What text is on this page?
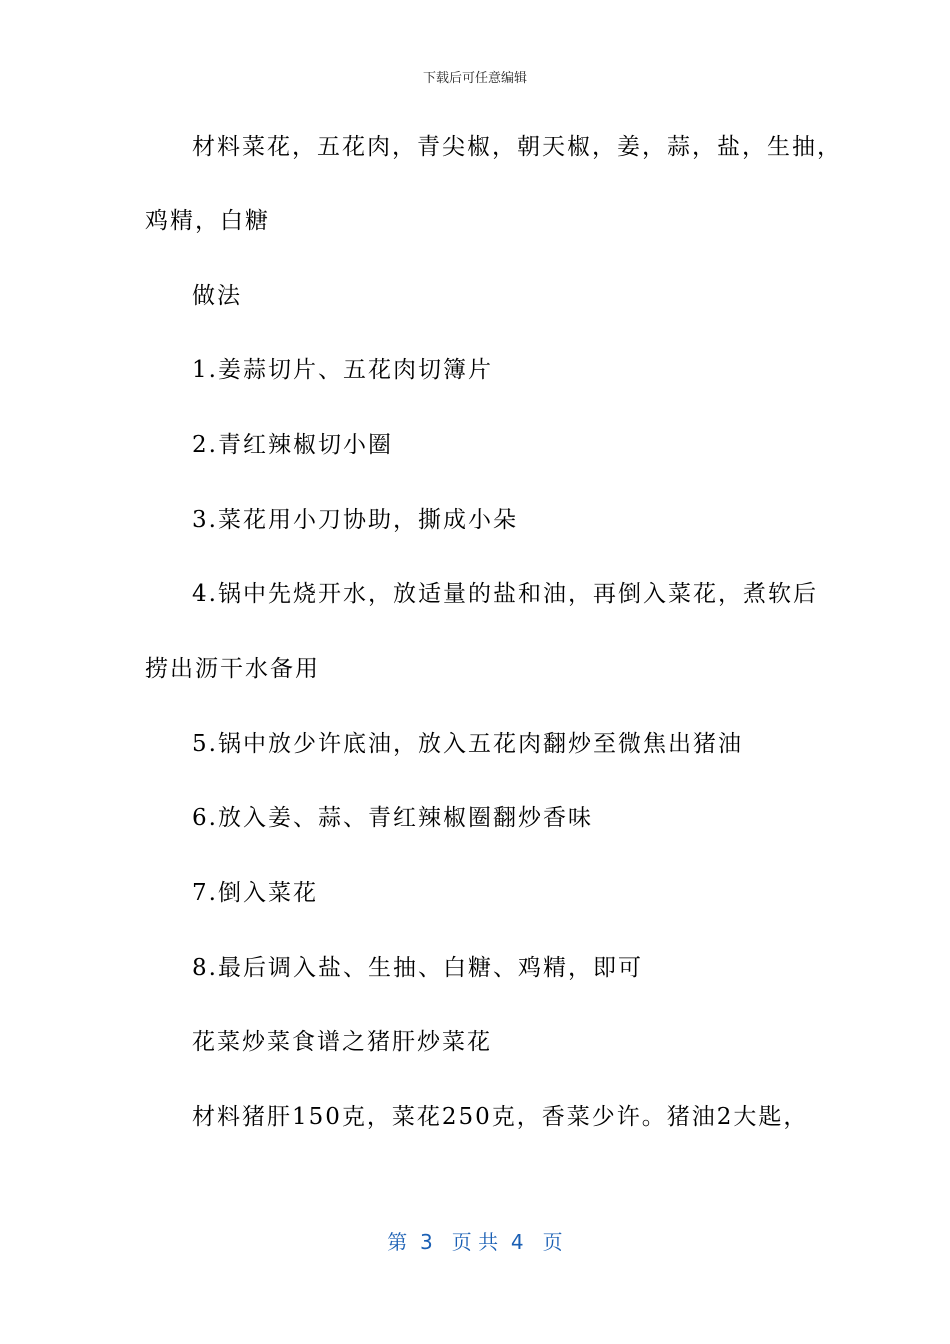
下载后可任意编辑
材料菜花，五花肉，青尖椒，朝天椒，姜，蒜，盐，生抽，
鸡精，白糖
做法
1.姜蒜切片、五花肉切簿片
2.青红辣椒切小圈
3.菜花用小刀协助，撕成小朵
4.锅中先烧开水，放适量的盐和油，再倒入菜花，煮软后
捞出沥干水备用
5.锅中放少许底油，放入五花肉翻炒至微焦出猪油
6.放入姜、蒜、青红辣椒圈翻炒香味
7.倒入菜花
8.最后调入盐、生抽、白糖、鸡精，即可
花菜炒菜食谱之猪肝炒菜花
材料猪肝150克，菜花250克，香菜少许。猪油2大匙，
第  3   页 共  4   页
